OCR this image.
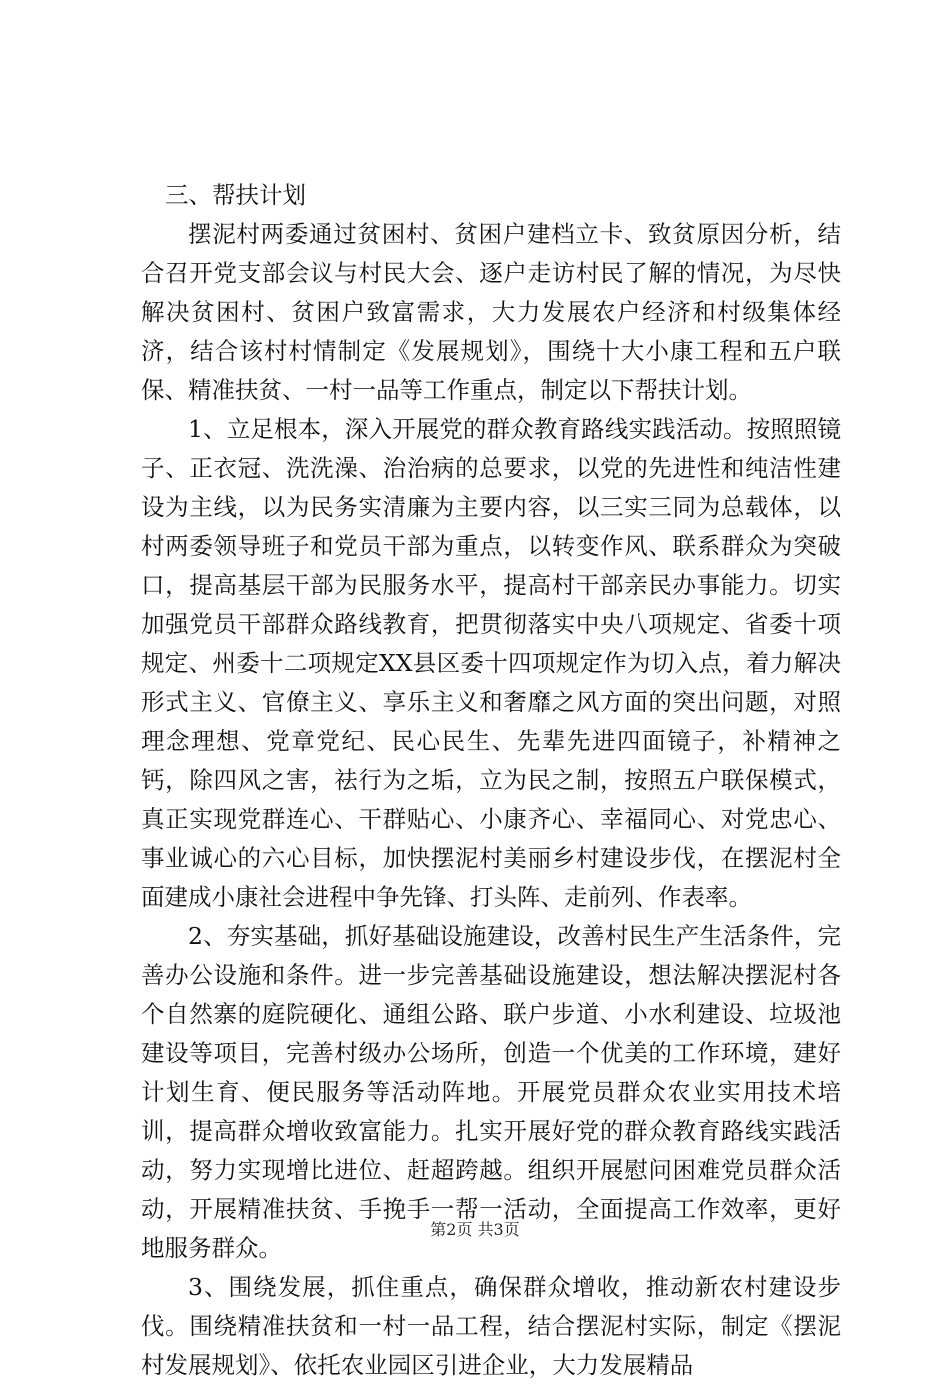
三、帮扶计划

摆泥村两委通过贫困村、贫困户建档立卡、致贫原因分析，结合召开党支部会议与村民大会、逐户走访村民了解的情况，为尽快解决贫困村、贫困户致富需求，大力发展农户经济和村级集体经济，结合该村村情制定《发展规划》，围绕十大小康工程和五户联保、精准扶贫、一村一品等工作重点，制定以下帮扶计划。

1、立足根本，深入开展党的群众教育路线实践活动。按照照镜子、正衣冠、洗洗澡、治治病的总要求，以党的先进性和纯洁性建设为主线，以为民务实清廉为主要内容，以三实三同为总载体，以村两委领导班子和党员干部为重点，以转变作风、联系群众为突破口，提高基层干部为民服务水平，提高村干部亲民办事能力。切实加强党员干部群众路线教育，把贯彻落实中央八项规定、省委十项规定、州委十二项规定XX县区委十四项规定作为切入点，着力解决形式主义、官僚主义、享乐主义和奢靡之风方面的突出问题，对照理念理想、党章党纪、民心民生、先辈先进四面镜子，补精神之钙，除四风之害，祛行为之垢，立为民之制，按照五户联保模式，真正实现党群连心、干群贴心、小康齐心、幸福同心、对党忠心、事业诚心的六心目标，加快摆泥村美丽乡村建设步伐，在摆泥村全面建成小康社会进程中争先锋、打头阵、走前列、作表率。

2、夯实基础，抓好基础设施建设，改善村民生产生活条件，完善办公设施和条件。进一步完善基础设施建设，想法解决摆泥村各个自然寨的庭院硬化、通组公路、联户步道、小水利建设、垃圾池建设等项目，完善村级办公场所，创造一个优美的工作环境，建好计划生育、便民服务等活动阵地。开展党员群众农业实用技术培训，提高群众增收致富能力。扎实开展好党的群众教育路线实践活动，努力实现增比进位、赶超跨越。组织开展慰问困难党员群众活动，开展精准扶贫、手挽手一帮一活动，全面提高工作效率，更好地服务群众。

3、围绕发展，抓住重点，确保群众增收，推动新农村建设步伐。围绕精准扶贫和一村一品工程，结合摆泥村实际，制定《摆泥村发展规划》、依托农业园区引进企业，大力发展精品

第2页 共3页
